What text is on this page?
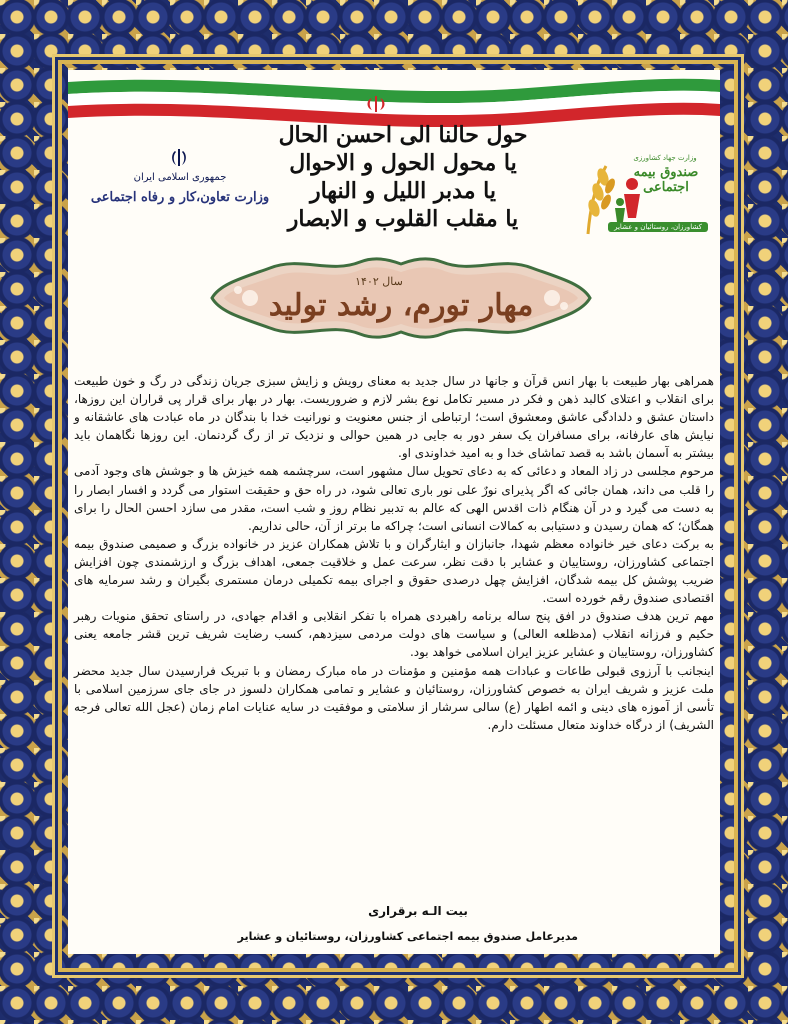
جمهوری اسلامی ایران
وزارت تعاون،کار و رفاه اجتماعی
حول حالنا الی احسن الحال
یا محول الحول و الاحوال
یا مدبر اللیل و النهار
یا مقلب القلوب و الابصار
وزارت جهاد کشاورزی
صندوق بیمه اجتماعی
کشاورزان، روستائیان و عشایر
سال ۱۴۰۲
مهار تورم، رشد تولید

همراهی بهار طبیعت با بهار انس قرآن و جانها در سال جدید به معنای رویش و زایش سبزی جریان زندگی در رگ و خون طبیعت برای انقلاب و اعتلای کالبد ذهن و فکر در مسیر تکامل نوع بشر لازم و ضروریست. بهار در بهار برای قرار پی قراران این روزها، داستان عشق و دلدادگی عاشق ومعشوق است؛ ارتباطی از جنس معنویت و نورانیت خدا با بندگان در ماه عبادت های عاشقانه و نیایش های عارفانه، برای مسافران یک سفر دور به جایی در همین حوالی و نزدیک تر از رگ گردنمان. این روزها نگاهمان باید بیشتر به آسمان باشد به قصد تماشای خدا و به امید خداوندی او.

مرحوم مجلسی در زاد المعاد و دعائی که به دعای تحویل سال مشهور است، سرچشمه همه خیزش ها و جوشش های وجود آدمی را قلب می داند، همان جائی که اگر پذیرای نورٌ علی نور باری تعالی شود، در راه حق و حقیقت استوار می گردد و افسار ابصار را به دست می گیرد و در آن هنگام ذات اقدس الهی که عالم به تدبیر نظام روز و شب است، مقدر می سازد احسن الحال را برای همگان؛ که همان رسیدن و دستیابی به کمالات انسانی است؛ چراکه ما برتر از آن، حالی نداریم.

به برکت دعای خیر خانواده معظم شهدا، جانبازان و ایثارگران و با تلاش همکاران عزیز در خانواده بزرگ و صمیمی صندوق بیمه اجتماعی کشاورزان، روستاییان و عشایر با دقت نظر، سرعت عمل و خلاقیت جمعی، اهداف بزرگ و ارزشمندی چون افزایش ضریب پوشش کل بیمه شدگان، افزایش چهل درصدی حقوق و اجرای بیمه تکمیلی درمان مستمری بگیران و رشد سرمایه های اقتصادی صندوق رقم خورده است.

مهم ترین هدف صندوق در افق پنج ساله برنامه راهبردی همراه با تفکر انقلابی و اقدام جهادی، در راستای تحقق منویات رهبر حکیم و فرزانه انقلاب (مدظلعه العالی) و سیاست های دولت مردمی سیزدهم، کسب رضایت شریف ترین قشر جامعه یعنی کشاورزان، روستاییان و عشایر عزیز ایران اسلامی خواهد بود.

اینجانب با آرزوی قبولی طاعات و عبادات همه مؤمنین و مؤمنات در ماه مبارک رمضان و با تبریک فرارسیدن سال جدید محضر ملت عزیز و شریف ایران به خصوص کشاورزان، روستائیان و عشایر و تمامی همکاران دلسوز در جای جای سرزمین اسلامی با تأسی از آموزه های دینی و ائمه اطهار (ع) سالی سرشار از سلامتی و موفقیت در سایه عنایات امام زمان (عجل الله تعالی فرجه الشریف) از درگاه خداوند متعال مسئلت دارم.

بیت الـه برقراری
مدیرعامل صندوق بیمه اجتماعی کشاورزان، روستائیان و عشایر
